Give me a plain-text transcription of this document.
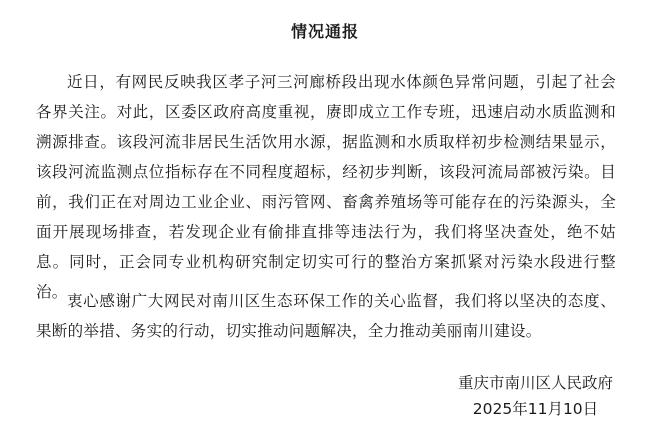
情况通报

近日，有网民反映我区孝子河三河廊桥段出现水体颜色异常问题，引起了社会各界关注。对此，区委区政府高度重视，赓即成立工作专班，迅速启动水质监测和溯源排查。该段河流非居民生活饮用水源，据监测和水质取样初步检测结果显示，该段河流监测点位指标存在不同程度超标，经初步判断，该段河流局部被污染。目前，我们正在对周边工业企业、雨污管网、畜禽养殖场等可能存在的污染源头，全面开展现场排查，若发现企业有偷排直排等违法行为，我们将坚决查处，绝不姑息。同时，正会同专业机构研究制定切实可行的整治方案抓紧对污染水段进行整治。 衷心感谢广大网民对南川区生态环保工作的关心监督，我们将以坚决的态度、果断的举措、务实的行动，切实推动问题解决，全力推动美丽南川建设。

重庆市南川区人民政府
2025年11月10日
